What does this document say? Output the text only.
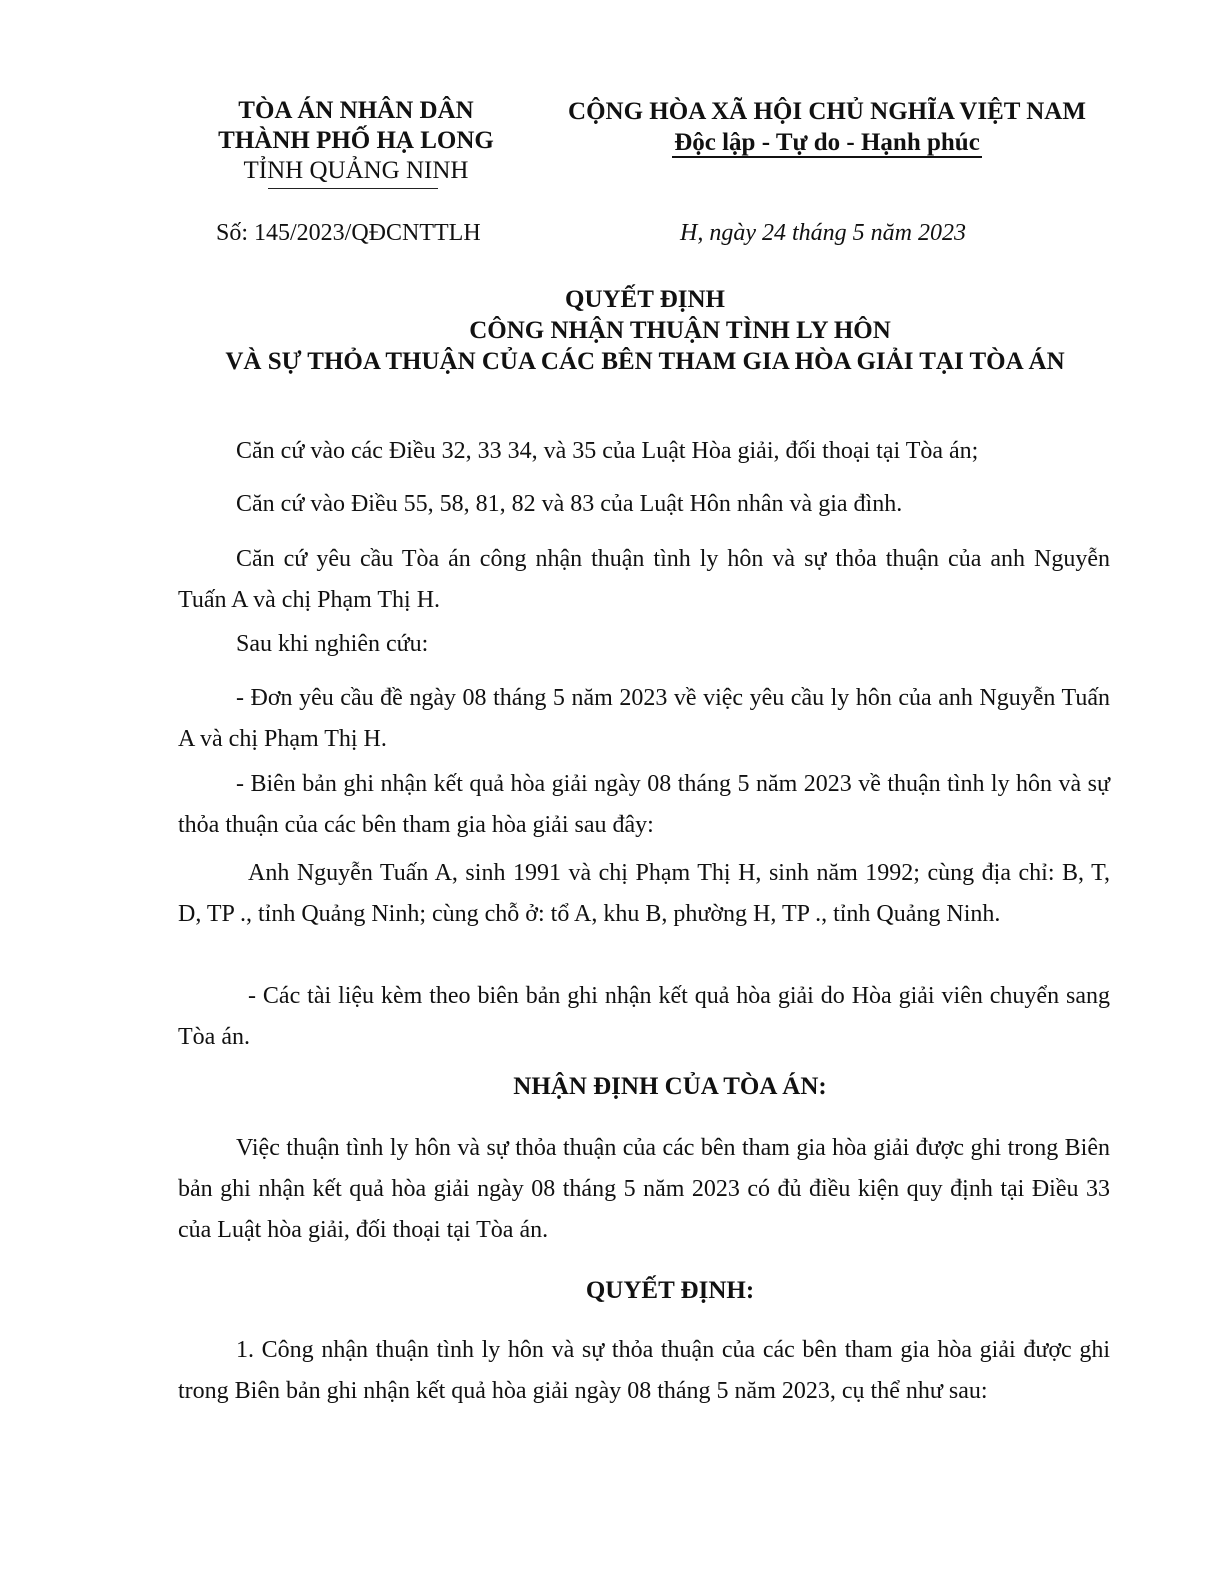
TÒA ÁN NHÂN DÂN
THÀNH PHỐ HẠ LONG
TỈNH QUẢNG NINH
CỘNG HÒA XÃ HỘI CHỦ NGHĨA VIỆT NAM
Độc lập - Tự do - Hạnh phúc
Số: 145/2023/QĐCNTTLH	H, ngày 24 tháng 5 năm 2023
QUYẾT ĐỊNH
CÔNG NHẬN THUẬN TÌNH LY HÔN
VÀ SỰ THỎA THUẬN CỦA CÁC BÊN THAM GIA HÒA GIẢI TẠI TÒA ÁN
Căn cứ vào các Điều 32, 33 34, và 35 của Luật Hòa giải, đối thoại tại Tòa án;
Căn cứ vào Điều 55, 58, 81, 82 và 83 của Luật Hôn nhân và gia đình.
Căn cứ yêu cầu Tòa án công nhận thuận tình ly hôn và sự thỏa thuận của anh Nguyễn Tuấn A và chị Phạm Thị H.
Sau khi nghiên cứu:
- Đơn yêu cầu đề ngày 08 tháng 5 năm 2023 về việc yêu cầu ly hôn của anh Nguyễn Tuấn A và chị Phạm Thị H.
- Biên bản ghi nhận kết quả hòa giải ngày 08 tháng 5 năm 2023 về thuận tình ly hôn và sự thỏa thuận của các bên tham gia hòa giải sau đây:
Anh Nguyễn Tuấn A, sinh 1991 và chị Phạm Thị H, sinh năm 1992; cùng địa chỉ: B, T, D, TP ., tỉnh Quảng Ninh; cùng chỗ ở: tổ A, khu B, phường H, TP ., tỉnh Quảng Ninh.
- Các tài liệu kèm theo biên bản ghi nhận kết quả hòa giải do Hòa giải viên chuyển sang Tòa án.
NHẬN ĐỊNH CỦA TÒA ÁN:
Việc thuận tình ly hôn và sự thỏa thuận của các bên tham gia hòa giải được ghi trong Biên bản ghi nhận kết quả hòa giải ngày 08 tháng 5 năm 2023 có đủ điều kiện quy định tại Điều 33 của Luật hòa giải, đối thoại tại Tòa án.
QUYẾT ĐỊNH:
1. Công nhận thuận tình ly hôn và sự thỏa thuận của các bên tham gia hòa giải được ghi trong Biên bản ghi nhận kết quả hòa giải ngày 08 tháng 5 năm 2023, cụ thể như sau:
